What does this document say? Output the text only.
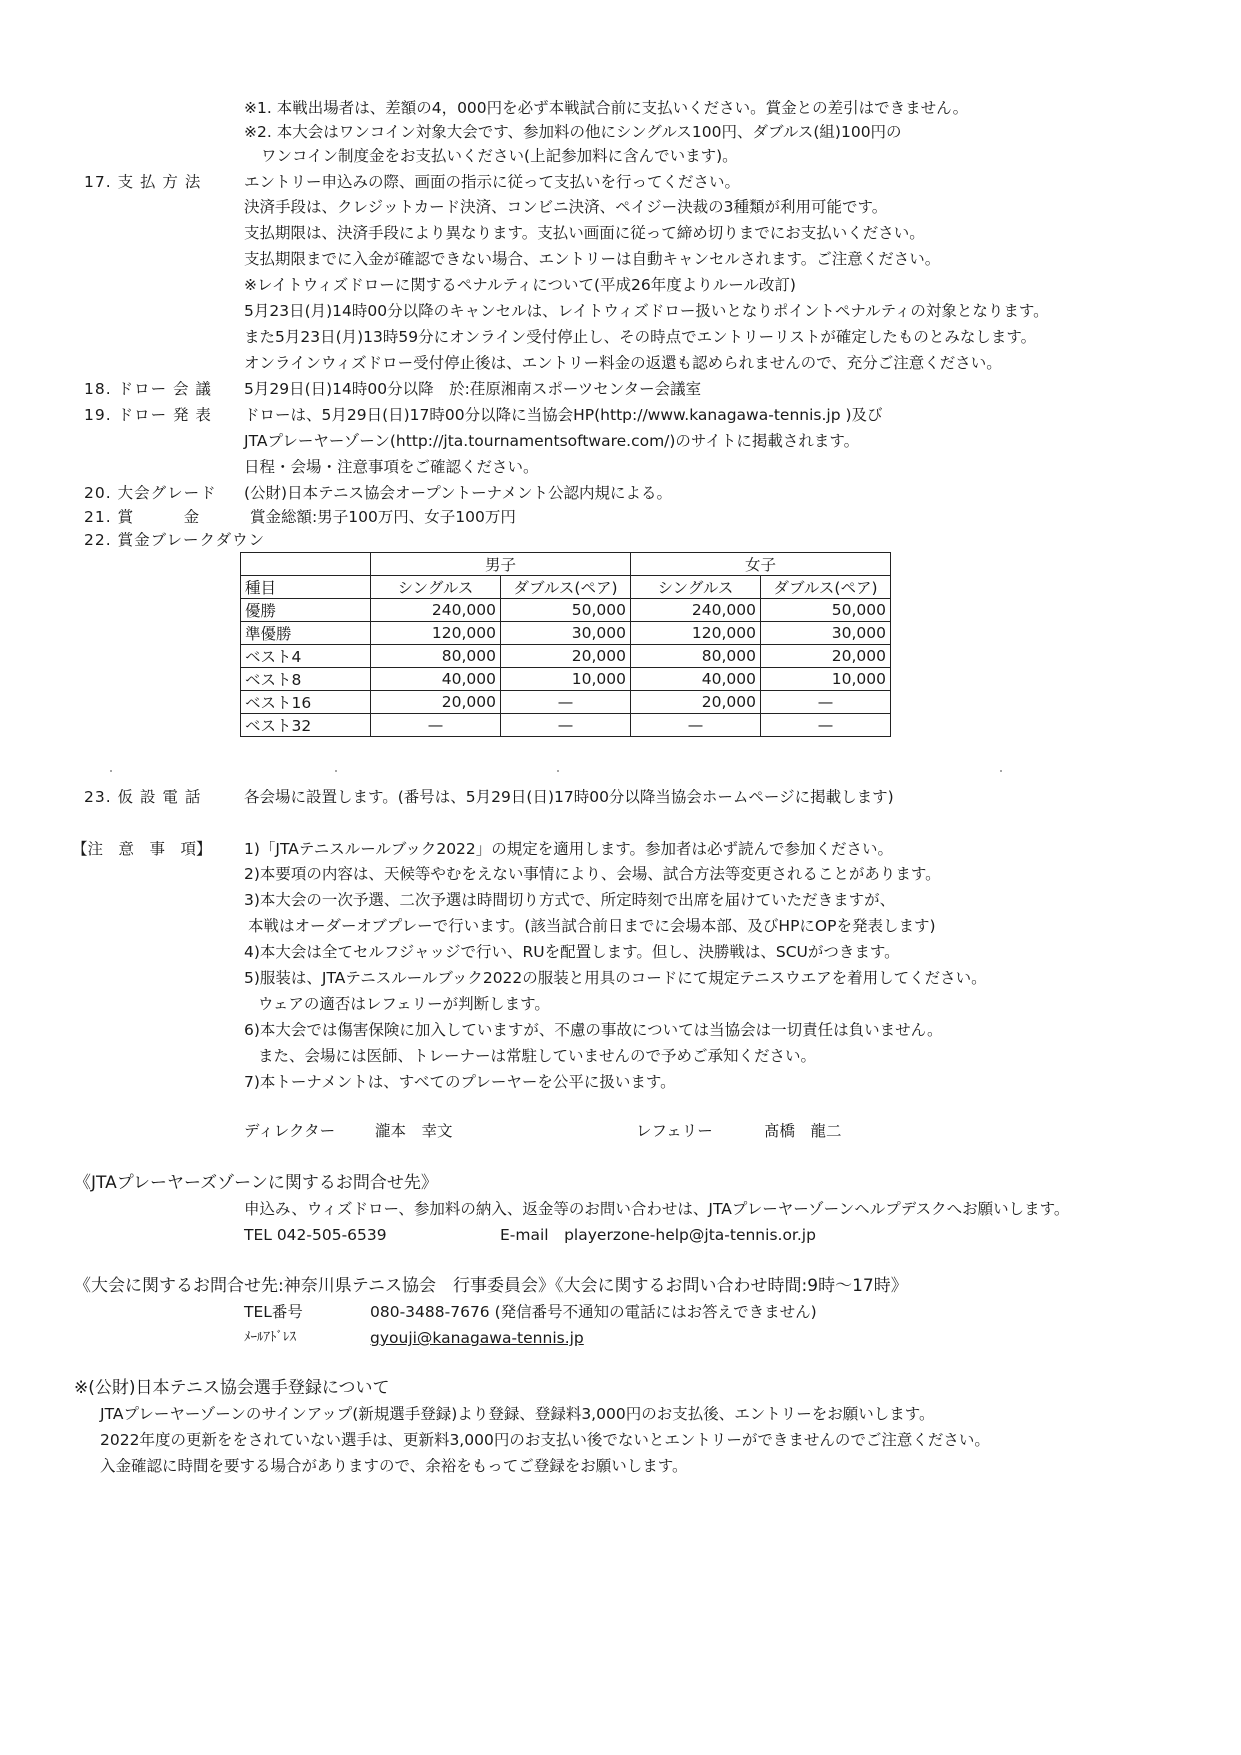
※1. 本戦出場者は、差額の4，000円を必ず本戦試合前に支払いください。賞金との差引はできません。
※2. 本大会はワンコイン対象大会です、参加料の他にシングルス100円、ダブルス(組)100円の
ワンコイン制度金をお支払いください(上記参加料に含んでいます)。
17. 支 払 方 法	エントリー申込みの際、画面の指示に従って支払いを行ってください。
決済手段は、クレジットカード決済、コンビニ決済、ペイジー決裁の3種類が利用可能です。
支払期限は、決済手段により異なります。支払い画面に従って締め切りまでにお支払いください。
支払期限までに入金が確認できない場合、エントリーは自動キャンセルされます。ご注意ください。
※レイトウィズドローに関するペナルティについて(平成26年度よりルール改訂)
5月23日(月)14時00分以降のキャンセルは、レイトウィズドロー扱いとなりポイントペナルティの対象となります。
また5月23日(月)13時59分にオンライン受付停止し、その時点でエントリーリストが確定したものとみなします。
オンラインウィズドロー受付停止後は、エントリー料金の返還も認められませんので、充分ご注意ください。
18. ドロー 会 議 5月29日(日)14時00分以降　於:荏原湘南スポーツセンター会議室
19. ドロー 発 表 ドローは、5月29日(日)17時00分以降に当協会HP(http://www.kanagawa-tennis.jp )及び
JTAプレーヤーゾーン(http://jta.tournamentsoftware.com/)のサイトに掲載されます。
日程・会場・注意事項をご確認ください。
20. 大会グレード (公財)日本テニス協会オープントーナメント公認内規による。
21. 賞　　　金	賞金総額:男子100万円、女子100万円
22. 賞金ブレークダウン
	男子		女子	
種目	シングルス	ダブルス(ペア)	シングルス	ダブルス(ペア)
優勝	240,000	50,000	240,000	50,000
準優勝	120,000	30,000	120,000	30,000
ベスト4	80,000	20,000	80,000	20,000
ベスト8	40,000	10,000	40,000	10,000
ベスト16	20,000	—	20,000	—
ベスト32	—	—	—	—
23. 仮 設 電 話	各会場に設置します。(番号は、5月29日(日)17時00分以降当協会ホームページに掲載します)
【注　意　事　項】 1)「JTAテニスルールブック2022」の規定を適用します。参加者は必ず読んで参加ください。
2)本要項の内容は、天候等やむをえない事情により、会場、試合方法等変更されることがあります。
3)本大会の一次予選、二次予選は時間切り方式で、所定時刻で出席を届けていただきますが、
本戦はオーダーオブプレーで行います。(該当試合前日までに会場本部、及びHPにOPを発表します)
4)本大会は全てセルフジャッジで行い、RUを配置します。但し、決勝戦は、SCUがつきます。
5)服装は、JTAテニスルールブック2022の服装と用具のコードにて規定テニスウエアを着用してください。
ウェアの適否はレフェリーが判断します。
6)本大会では傷害保険に加入していますが、不慮の事故については当協会は一切責任は負いません。
また、会場には医師、トレーナーは常駐していませんので予めご承知ください。
7)本トーナメントは、すべてのプレーヤーを公平に扱います。
ディレクター	瀧本　幸文	レフェリー	髙橋　龍二
《JTAプレーヤーズゾーンに関するお問合せ先》
申込み、ウィズドロー、参加料の納入、返金等のお問い合わせは、JTAプレーヤーゾーンヘルプデスクへお願いします。
TEL 042-505-6539	E-mail　playerzone-help@jta-tennis.or.jp
《大会に関するお問合せ先:神奈川県テニス協会　行事委員会》《大会に関するお問い合わせ時間:9時～17時》
TEL番号	080-3488-7676 (発信番号不通知の電話にはお答えできません)
ﾒｰﾙｱﾄﾞﾚｽ	gyouji@kanagawa-tennis.jp
※(公財)日本テニス協会選手登録について
JTAプレーヤーゾーンのサインアップ(新規選手登録)より登録、登録料3,000円のお支払後、エントリーをお願いします。
2022年度の更新ををされていない選手は、更新料3,000円のお支払い後でないとエントリーができませんのでご注意ください。
入金確認に時間を要する場合がありますので、余裕をもってご登録をお願いします。
